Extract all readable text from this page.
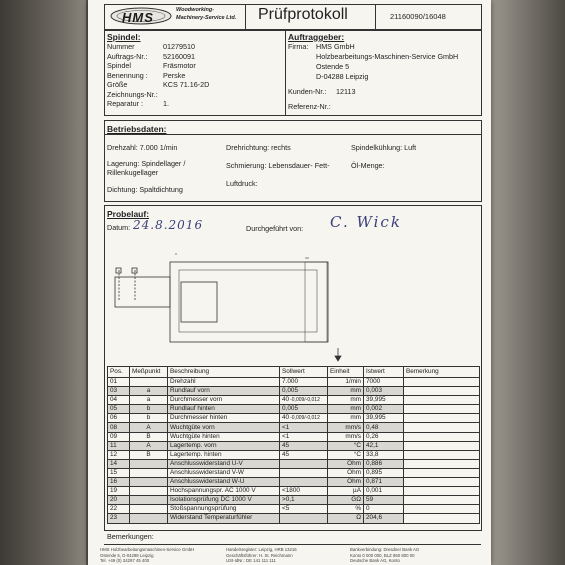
HMS	Woodworking-
Machinery-Service Ltd. Prüfprotokoll	21160090/16048
Spindel:
Nummer	01279510
Auftrags-Nr.: 52160091
Spindel	Fräsmotor
Benennung : Perske
Größe	KCS 71.16-2D
Zeichnungs-Nr.:
Reparatur :	1.
Auftraggeber:
Firma: HMS GmbH
Holzbearbeitungs-Maschinen-Service GmbH
Ostende 5
D-04288 Leipzig
Kunden-Nr.: 12113
Referenz-Nr.:
Betriebsdaten:
Drehzahl: 7.000 1/min	Drehrichtung: rechts	Spindelkühlung: Luft
Lagerung: Spindellager /
Rillenkugellager
Schmierung: Lebensdauer- Fett-	Öl-Menge:
Luftdruck:
Dichtung: Spaltdichtung
Probelauf:
Datum: 24.8.2016	Durchgeführt von: C. Wick
Pos.	Meßpunkt	Beschreibung	Sollwert	Einheit	Istwert	Bemerkung
01		Drehzahl	7.000	1/min	7000	
03	a	Rundlauf vorn	0,005	mm	0,003	
04	a	Durchmesser vorn	40-0,009/-0,012	mm	39,995	
05	b	Rundlauf hinten	0,005	mm	0,002	
06	b	Durchmesser hinten	40-0,009/-0,012	mm	39,995	
08	A	Wuchtgüte vorn	<1	mm/s	0,48	
09	B	Wuchtgüte hinten	<1	mm/s	0,26	
11	A	Lagertemp. vorn	45	°C	42,1	
12	B	Lagertemp. hinten	45	°C	33,8	
14		Anschlusswiderstand U-V		Ohm	0,886	
15		Anschlusswiderstand V-W		Ohm	0,895	
16		Anschlusswiderstand W-U		Ohm	0,871	
19		Hochspannungspr. AC 1000 V	<1800	µA	0,001	
20		Isolationsprüfung DC 1000 V	>0,1	GΩ	59	
22		Stoßspannungsprüfung	<5	%	0	
23		Widerstand Temperaturfühler		Ω	204,6	
Bemerkungen:
HMS Holzbearbeitungsmaschinen-Service GmbH
Ostende 5, D-04288 Leipzig
Tel. +49 (0) 34297 45 400
Handelsregister: Leipzig, HRB 13216
Geschäftsführer: H. St. Reichmann
USt-IdNr.: DE 141 111 111
Bankverbindung: Dresdner Bank AG
Konto 0 000 000, BLZ 860 800 00
Deutsche Bank AG, Konto
